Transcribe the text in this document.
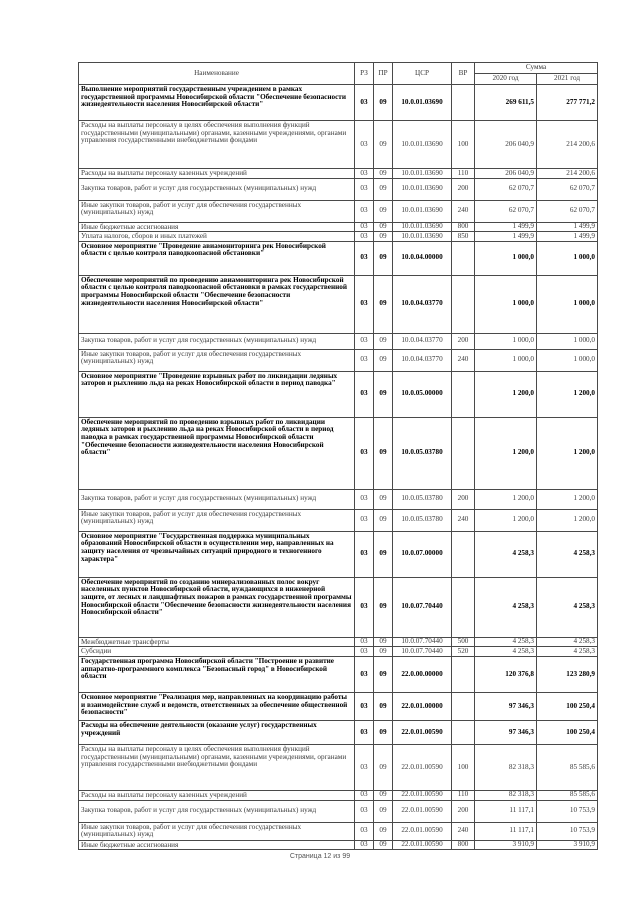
Наименование	РЗ	ПР	ЦСР	ВР	Сумма	
					2020 год	2021 год
Выполнение мероприятий государственным учреждением в рамках государственной программы Новосибирской области "Обеспечение безопасности жизнедеятельности населения Новосибирской области"	03	09	10.0.01.03690		269 611,5	277 771,2
Расходы на выплаты персоналу в целях обеспечения выполнения функций государственными (муниципальными) органами, казенными учреждениями, органами управления государственными внебюджетными фондами	03	09	10.0.01.03690	100	206 040,9	214 200,6
Расходы на выплаты персоналу казенных учреждений	03	09	10.0.01.03690	110	206 040,9	214 200,6
Закупка товаров, работ и услуг для государственных (муниципальных) нужд	03	09	10.0.01.03690	200	62 070,7	62 070,7
Иные закупки товаров, работ и услуг для обеспечения государственных (муниципальных) нужд	03	09	10.0.01.03690	240	62 070,7	62 070,7
Иные бюджетные ассигнования	03	09	10.0.01.03690	800	1 499,9	1 499,9
Уплата налогов, сборов и иных платежей	03	09	10.0.01.03690	850	1 499,9	1 499,9
Основное мероприятие "Проведение авиамониторинга рек Новосибирской области с целью контроля паводкоопасной обстановки"	03	09	10.0.04.00000		1 000,0	1 000,0
Обеспечение мероприятий по проведению авиамониторинга рек Новосибирской области с целью контроля паводкоопасной обстановки в рамках государственной программы Новосибирской области "Обеспечение безопасности жизнедеятельности населения Новосибирской области"	03	09	10.0.04.03770		1 000,0	1 000,0
Закупка товаров, работ и услуг для государственных (муниципальных) нужд	03	09	10.0.04.03770	200	1 000,0	1 000,0
Иные закупки товаров, работ и услуг для обеспечения государственных (муниципальных) нужд	03	09	10.0.04.03770	240	1 000,0	1 000,0
Основное мероприятие "Проведение взрывных работ по ликвидации ледяных заторов и рыхлению льда на реках Новосибирской области в период паводка"	03	09	10.0.05.00000		1 200,0	1 200,0
Обеспечение мероприятий по проведению взрывных работ по ликвидации ледяных заторов и рыхлению льда на реках Новосибирской области в период паводка в рамках государственной программы Новосибирской области "Обеспечение безопасности жизнедеятельности населения Новосибирской области"	03	09	10.0.05.03780		1 200,0	1 200,0
Закупка товаров, работ и услуг для государственных (муниципальных) нужд	03	09	10.0.05.03780	200	1 200,0	1 200,0
Иные закупки товаров, работ и услуг для обеспечения государственных (муниципальных) нужд	03	09	10.0.05.03780	240	1 200,0	1 200,0
Основное мероприятие "Государственная поддержка муниципальных образований Новосибирской области в осуществлении мер, направленных на защиту населения от чрезвычайных ситуаций природного и техногенного характера"	03	09	10.0.07.00000		4 258,3	4 258,3
Обеспечение мероприятий по созданию минерализованных полос вокруг населенных пунктов Новосибирской области, нуждающихся в инженерной защите, от лесных и ландшафтных пожаров в рамках государственной программы Новосибирской области "Обеспечение безопасности жизнедеятельности населения Новосибирской области"	03	09	10.0.07.70440		4 258,3	4 258,3
Межбюджетные трансферты	03	09	10.0.07.70440	500	4 258,3	4 258,3
Субсидии	03	09	10.0.07.70440	520	4 258,3	4 258,3
Государственная программа Новосибирской области "Построение и развитие аппаратно-программного комплекса "Безопасный город" в Новосибирской области	03	09	22.0.00.00000		120 376,8	123 280,9
Основное мероприятие "Реализация мер, направленных на координацию работы и взаимодействие служб и ведомств, ответственных за обеспечение общественной безопасности"	03	09	22.0.01.00000		97 346,3	100 250,4
Расходы на обеспечение деятельности (оказание услуг) государственных учреждений	03	09	22.0.01.00590		97 346,3	100 250,4
Расходы на выплаты персоналу в целях обеспечения выполнения функций государственными (муниципальными) органами, казенными учреждениями, органами управления государственными внебюджетными фондами	03	09	22.0.01.00590	100	82 318,3	85 585,6
Расходы на выплаты персоналу казенных учреждений	03	09	22.0.01.00590	110	82 318,3	85 585,6
Закупка товаров, работ и услуг для государственных (муниципальных) нужд	03	09	22.0.01.00590	200	11 117,1	10 753,9
Иные закупки товаров, работ и услуг для обеспечения государственных (муниципальных) нужд	03	09	22.0.01.00590	240	11 117,1	10 753,9
Иные бюджетные ассигнования	03	09	22.0.01.00590	800	3 910,9	3 910,9
Страница 12 из 99
